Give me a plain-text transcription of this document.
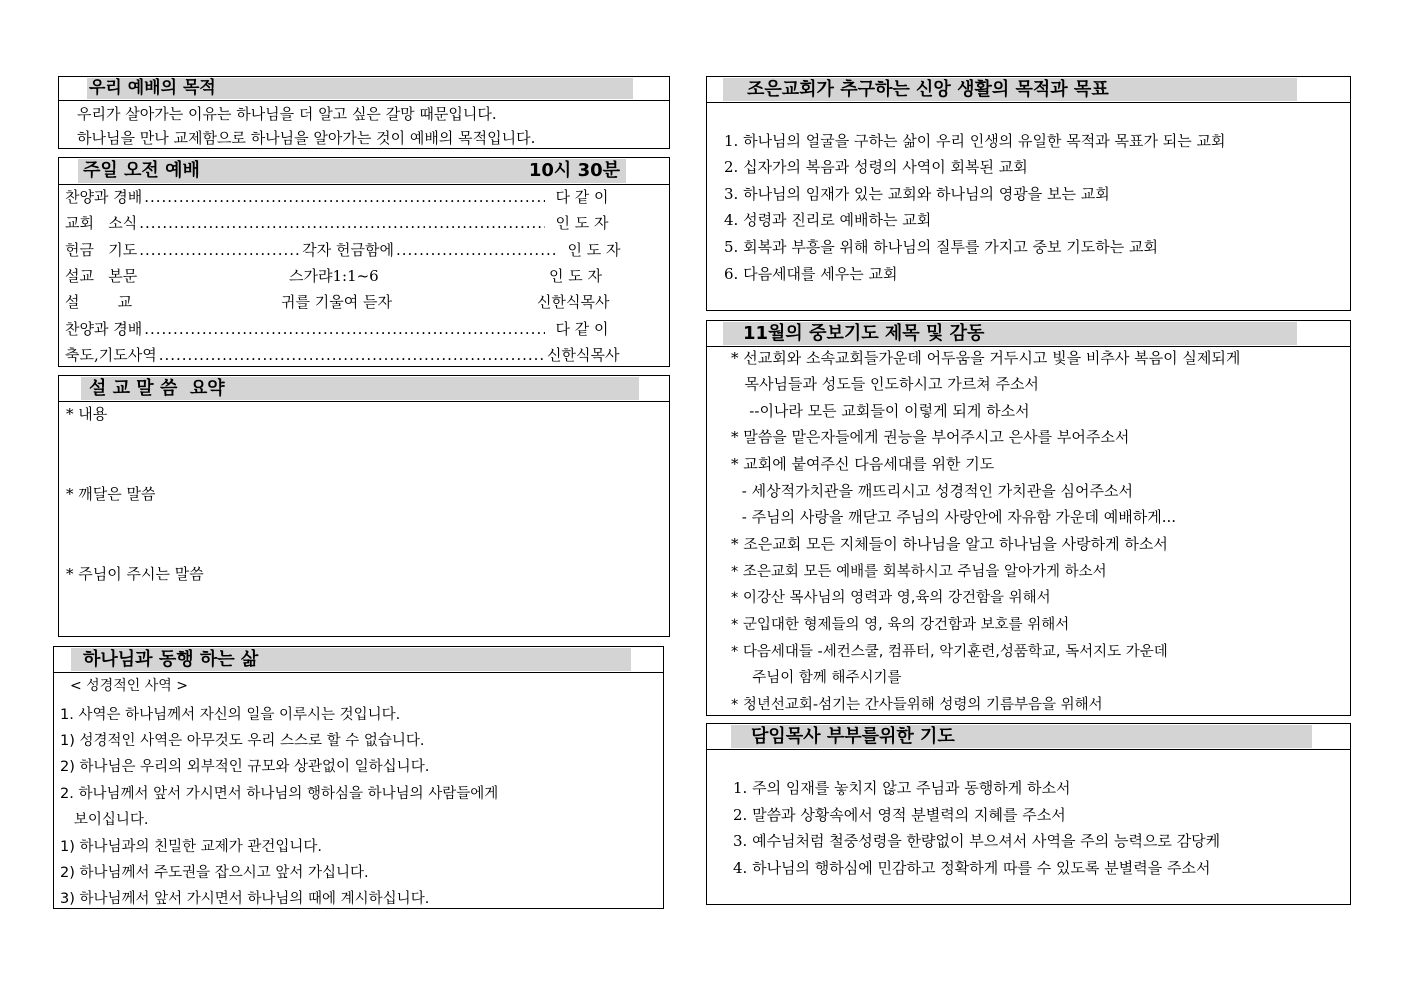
우리 예배의 목적
우리가 살아가는 이유는 하나님을 더 알고 싶은 갈망 때문입니다.
하나님을 만나 교제함으로 하나님을 알아가는 것이 예배의 목적입니다.
주일 오전 예배	10시 30분
찬양과 경배 .....	다 같 이
교회   소식 .....	인 도 자
헌금   기도 .....	각자 헌금함에 .....	인 도 자
설교   본문	스가랴1:1~6	인 도 자
설        교	귀를 기울여 듣자	신한식목사
찬양과 경배 .....	다 같 이
축도,기도사역 .....	신한식목사
설 교 말 씀  요약
* 내용
* 깨달은 말씀
* 주님이 주시는 말씀
하나님과 동행 하는 삶
< 성경적인 사역 >
1. 사역은 하나님께서 자신의 일을 이루시는 것입니다.
1) 성경적인 사역은 아무것도 우리 스스로 할 수 없습니다.
2) 하나님은 우리의 외부적인 규모와 상관없이 일하십니다.
2. 하나님께서 앞서 가시면서 하나님의 행하심을 하나님의 사람들에게
보이십니다.
1) 하나님과의 친밀한 교제가 관건입니다.
2) 하나님께서 주도권을 잡으시고 앞서 가십니다.
3) 하나님께서 앞서 가시면서 하나님의 때에 계시하십니다.
조은교회가 추구하는 신앙 생활의 목적과 목표
1. 하나님의 얼굴을 구하는 삶이 우리 인생의 유일한 목적과 목표가 되는 교회
2. 십자가의 복음과 성령의 사역이 회복된 교회
3. 하나님의 임재가 있는 교회와 하나님의 영광을 보는 교회
4. 성령과 진리로 예배하는 교회
5. 회복과 부흥을 위해 하나님의 질투를 가지고 중보 기도하는 교회
6. 다음세대를 세우는 교회
11월의 중보기도 제목 및 감동
* 선교회와 소속교회들가운데 어두움을 거두시고 빛을 비추사 복음이 실제되게
목사님들과 성도들 인도하시고 가르쳐 주소서
--이나라 모든 교회들이 이렇게 되게 하소서
* 말씀을 맡은자들에게 권능을 부어주시고 은사를 부어주소서
* 교회에 붙여주신 다음세대를 위한 기도
- 세상적가치관을 깨뜨리시고 성경적인 가치관을 심어주소서
- 주님의 사랑을 깨닫고 주님의 사랑안에 자유함 가운데 예배하게...
* 조은교회 모든 지체들이 하나님을 알고 하나님을 사랑하게 하소서
* 조은교회 모든 예배를 회복하시고 주님을 알아가게 하소서
* 이강산 목사님의 영력과 영,육의 강건함을 위해서
* 군입대한 형제들의 영, 육의 강건함과 보호를 위해서
* 다음세대들 -세컨스쿨, 컴퓨터, 악기훈련,성품학교, 독서지도 가운데
주님이 함께 해주시기를
* 청년선교회-섬기는 간사들위해 성령의 기름부음을 위해서
담임목사 부부를위한 기도
1. 주의 임재를 놓치지 않고 주님과 동행하게 하소서
2. 말씀과 상황속에서 영적 분별력의 지혜를 주소서
3. 예수님처럼 철중성령을 한량없이 부으셔서 사역을 주의 능력으로 감당케
4. 하나님의 행하심에 민감하고 정확하게 따를 수 있도록 분별력을 주소서
